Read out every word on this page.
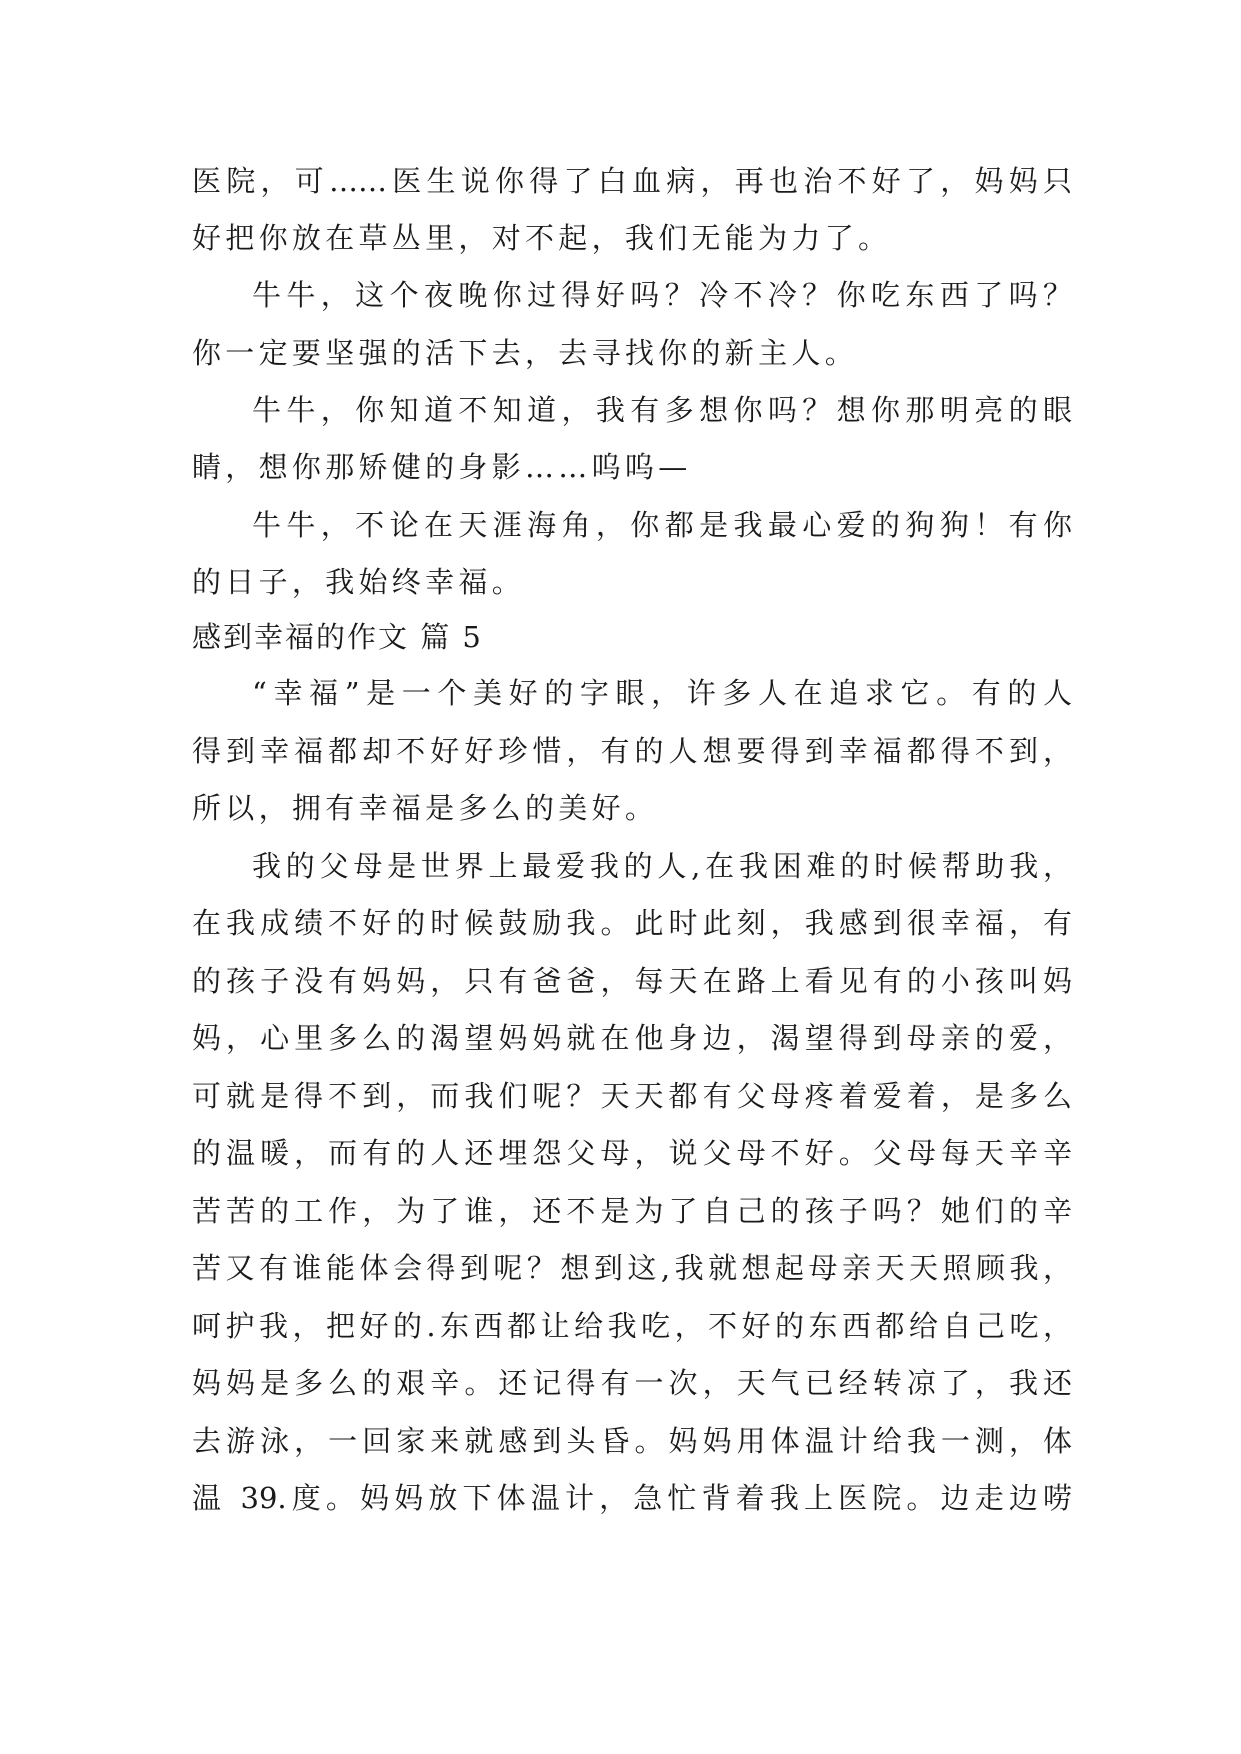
医院，可……医生说你得了白血病，再也治不好了，妈妈只
好把你放在草丛里，对不起，我们无能为力了。
牛牛，这个夜晚你过得好吗？冷不冷？你吃东西了吗？
你一定要坚强的活下去，去寻找你的新主人。
牛牛，你知道不知道，我有多想你吗？想你那明亮的眼
睛，想你那矫健的身影……呜呜—
牛牛，不论在天涯海角，你都是我最心爱的狗狗！有你
的日子，我始终幸福。
感到幸福的作文 篇 5
“幸福”是一个美好的字眼，许多人在追求它。有的人
得到幸福都却不好好珍惜，有的人想要得到幸福都得不到，
所以，拥有幸福是多么的美好。
我的父母是世界上最爱我的人,在我困难的时候帮助我，
在我成绩不好的时候鼓励我。此时此刻，我感到很幸福，有
的孩子没有妈妈，只有爸爸，每天在路上看见有的小孩叫妈
妈，心里多么的渴望妈妈就在他身边，渴望得到母亲的爱，
可就是得不到，而我们呢？天天都有父母疼着爱着，是多么
的温暖，而有的人还埋怨父母，说父母不好。父母每天辛辛
苦苦的工作，为了谁，还不是为了自己的孩子吗？她们的辛
苦又有谁能体会得到呢？想到这,我就想起母亲天天照顾我，
呵护我，把好的.东西都让给我吃，不好的东西都给自己吃，
妈妈是多么的艰辛。还记得有一次，天气已经转凉了，我还
去游泳，一回家来就感到头昏。妈妈用体温计给我一测，体
温 39.度。妈妈放下体温计，急忙背着我上医院。边走边唠
